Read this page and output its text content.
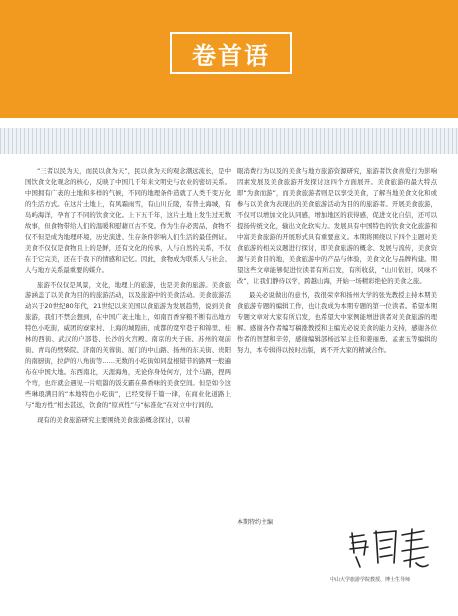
卷首语

“三者以民为天，而民以食为天”，民以食为天的观念潮远流长，是中国饮食文化观念的核心，反映了中国几千年来文明史与农业的密切关系。中国拥有广袤的土地和多样的气候，不同的地理条件造就了人类千变万化的生活方式。在这片土地上，有风霜雨雪，有山川丘陵，有普土海城，有岛屿海洋，孕育了不同的饮食文化。上下五千年，这片土地上发生过无数故事，但食物带给人们的温暖和慰藉亘古不变。作为生存必需品，食物不仅不但是成为地理环境、历史演进、生存条件影响人们生活的最佳例证。美食不仅仅是食物且上的是鲜，还有文化的传承，人与自然的关系，不仅在于它完美，还在于我下的情感和记忆。因此，食物成为联系人与社会、人与地方关系最重要的媒介。

旅游不仅仅是风景，文化，地理上的旅游，也是美食的旅游。美食旅游涵盖了以美食为目的的旅游活动，以及旅游中的美食活动。美食旅游活动兴于20世纪80年代，21世纪以来美国以食旅游为发展趋势，说到美食旅游，我们不禁会想到，在中国广袤土地上，如南百香穿粮不断有出地方特色小吃街，威团的寮家村、上海的城隍庙、成都的宽窄巷子和锦里、桂林的西街、武汉的户部巷、长沙的火宫殿、南京的夫子庙、苏州的观前街、青岛的劈柴院、济南的芙蓉街、厦门的中山路、扬州的东关街、贵阳的南厨街，拉萨的八角街等……无数的小吃街如同盘根错节的路网一般遍布在中国大地。东西南北，天涯海角，无论你身处何方，过个马路，捏两个弯，也许就会遇见一片喧嚣的饭支霸在鼻香味的美食空间。但是如今这些琳琅满目的“本地特色小吃街”，已经变得千篇一律，在商业化道路上与“地方性”相去甚远，饮食的“原真性”与“标准化”在对立中行间的。

现有的美食旅游研究主要围绕美食旅游概念探讨，以着

眼消费行为以及的美食与地方旅游资源研究，旅游者饮食喜爱行为影响因素发展及美食旅游开发探讨这四个方面展开。美食旅游的最大特点即“为食而游”，而美食旅游者则是以享受美食，了解当地美食文化和或参与以美食为表现出的美食旅游活动为目的的旅游者。开展美食旅游，不仅可以增加文化认同感，增加地区的获得感，促进文化自信，还可以提扬传统文化，输出文化软实力。发展具有中国特色的饮食文化旅游和中富美食旅游的开展形式具有重要意义。本期将围绕以下四个主题对美食旅游的相关议题进行探讨，即美食旅游的概念、发展与流传，美食资源与美食目的地，美食旅游中的产品与体验，美食文化与品牌构建。期望这些文章能够促进位读者有所启发，有所收获，“山川依旧，风味不改”，让我们静待以学，跨越山海，开始一场精彩绝伦的美食之旅。

最关必说做出的意书，我很荣幸和扬州大学的张先教授主持本期美食旅游专题的编辑工作，也让我成为本期专题的第一位读者。希望本期专题文章对大家有所启发，也希望大中家例能增进读者对美食旅游的理解。感谢各作者编写稿涨教授和主编光必说美食的能力支持，感谢各位作者的智慧和辛劳，感谢编辑部杨远军主任和姜丽勇、孟素玉等编辑的努力，本专辑得以按时出版，离不开大家的精诚合作。

本期特约主编
中山大学旅游学院教授、博士生导师
